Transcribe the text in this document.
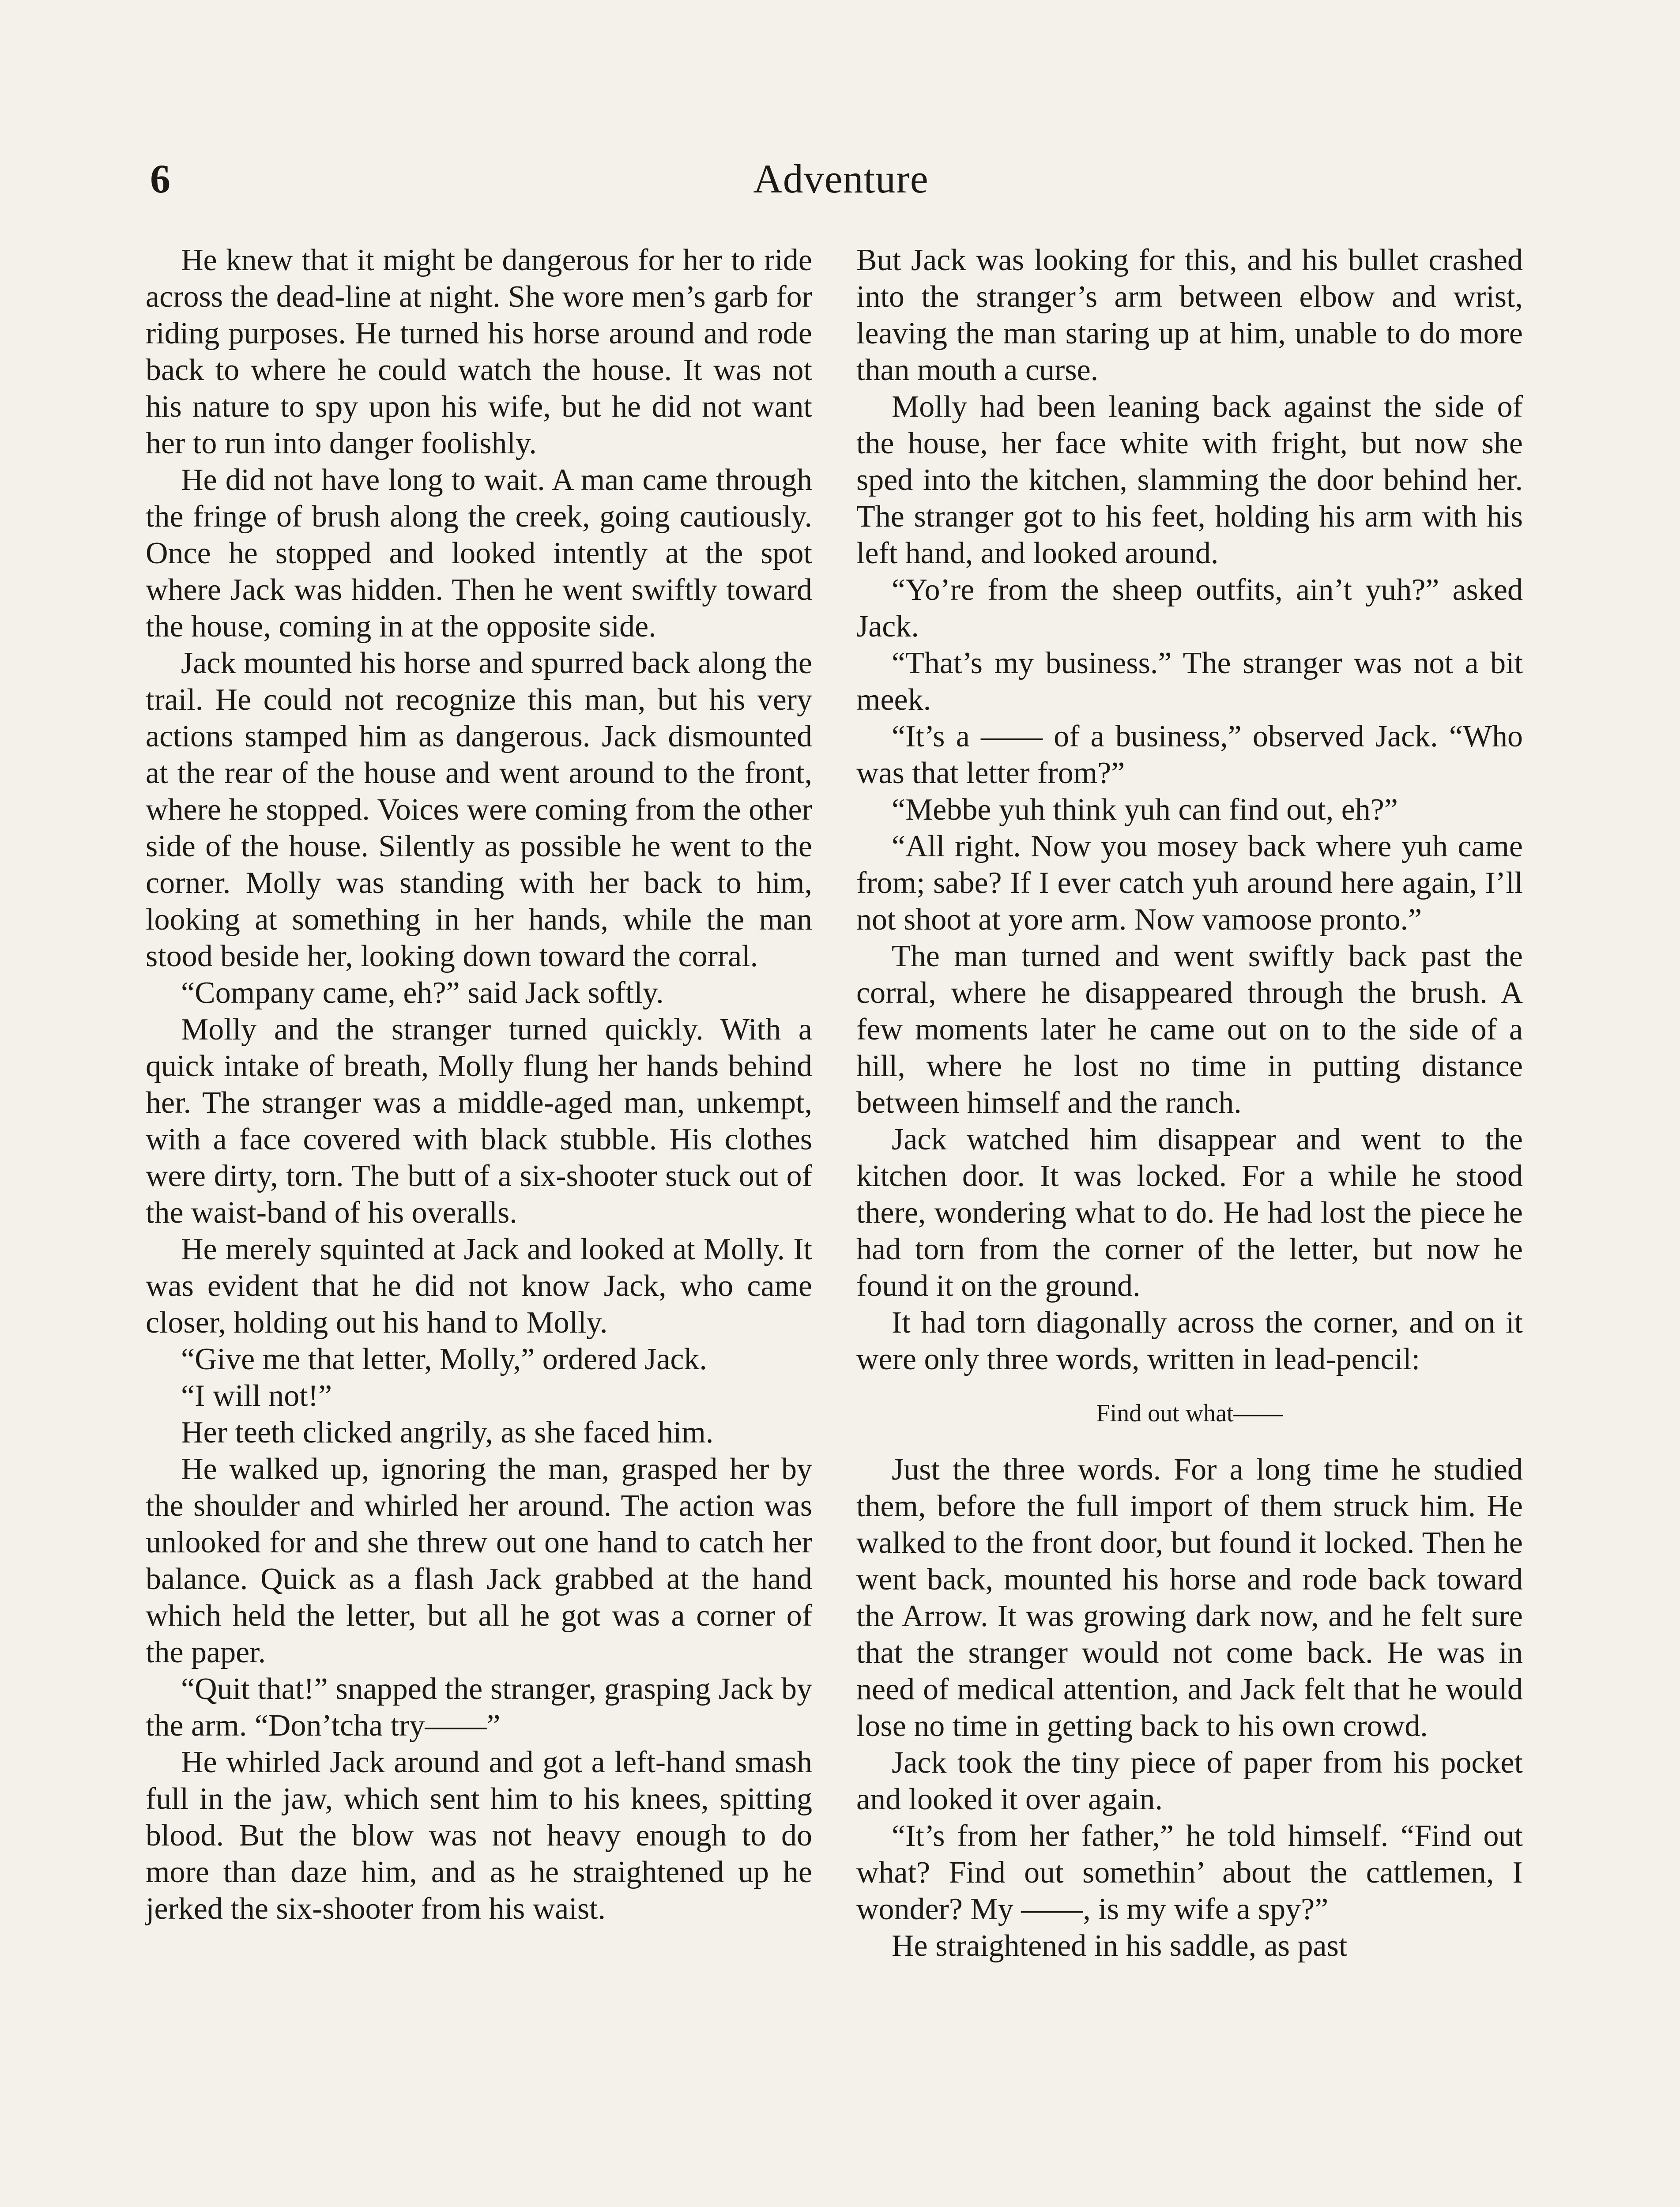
6	Adventure

He knew that it might be dangerous for her to ride across the dead-line at night. She wore men’s garb for riding purposes. He turned his horse around and rode back to where he could watch the house. It was not his nature to spy upon his wife, but he did not want her to run into danger foolishly.

He did not have long to wait. A man came through the fringe of brush along the creek, going cautiously. Once he stopped and looked intently at the spot where Jack was hidden. Then he went swiftly toward the house, coming in at the opposite side.

Jack mounted his horse and spurred back along the trail. He could not recognize this man, but his very actions stamped him as dangerous. Jack dismounted at the rear of the house and went around to the front, where he stopped. Voices were coming from the other side of the house. Silently as possible he went to the corner. Molly was standing with her back to him, looking at something in her hands, while the man stood beside her, looking down toward the corral.

“Company came, eh?” said Jack softly.

Molly and the stranger turned quickly. With a quick intake of breath, Molly flung her hands behind her. The stranger was a middle-aged man, unkempt, with a face covered with black stubble. His clothes were dirty, torn. The butt of a six-shooter stuck out of the waist-band of his overalls.

He merely squinted at Jack and looked at Molly. It was evident that he did not know Jack, who came closer, holding out his hand to Molly.

“Give me that letter, Molly,” ordered Jack.

“I will not!”

Her teeth clicked angrily, as she faced him.

He walked up, ignoring the man, grasped her by the shoulder and whirled her around. The action was unlooked for and she threw out one hand to catch her balance. Quick as a flash Jack grabbed at the hand which held the letter, but all he got was a corner of the paper.

“Quit that!” snapped the stranger, grasping Jack by the arm. “Don’tcha try——”

He whirled Jack around and got a left-hand smash full in the jaw, which sent him to his knees, spitting blood. But the blow was not heavy enough to do more than daze him, and as he straightened up he jerked the six-shooter from his waist.

But Jack was looking for this, and his bullet crashed into the stranger’s arm between elbow and wrist, leaving the man staring up at him, unable to do more than mouth a curse.

Molly had been leaning back against the side of the house, her face white with fright, but now she sped into the kitchen, slamming the door behind her. The stranger got to his feet, holding his arm with his left hand, and looked around.

“Yo’re from the sheep outfits, ain’t yuh?” asked Jack.

“That’s my business.” The stranger was not a bit meek.

“It’s a —— of a business,” observed Jack. “Who was that letter from?”

“Mebbe yuh think yuh can find out, eh?”

“All right. Now you mosey back where yuh came from; sabe? If I ever catch yuh around here again, I’ll not shoot at yore arm. Now vamoose pronto.”

The man turned and went swiftly back past the corral, where he disappeared through the brush. A few moments later he came out on to the side of a hill, where he lost no time in putting distance between himself and the ranch.

Jack watched him disappear and went to the kitchen door. It was locked. For a while he stood there, wondering what to do. He had lost the piece he had torn from the corner of the letter, but now he found it on the ground.

It had torn diagonally across the corner, and on it were only three words, written in lead-pencil:

Find out what——

Just the three words. For a long time he studied them, before the full import of them struck him. He walked to the front door, but found it locked. Then he went back, mounted his horse and rode back toward the Arrow. It was growing dark now, and he felt sure that the stranger would not come back. He was in need of medical attention, and Jack felt that he would lose no time in getting back to his own crowd.

Jack took the tiny piece of paper from his pocket and looked it over again.

“It’s from her father,” he told himself. “Find out what? Find out somethin’ about the cattlemen, I wonder? My ——, is my wife a spy?”

He straightened in his saddle, as past
